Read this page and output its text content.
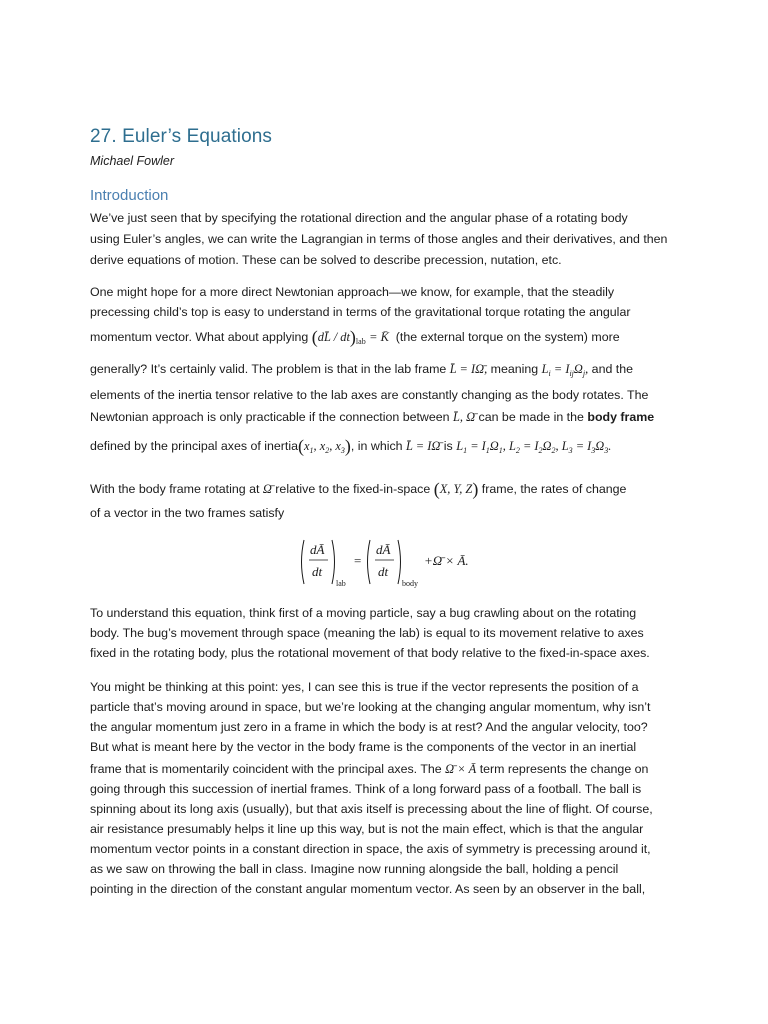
27. Euler’s Equations
Michael Fowler
Introduction
We’ve just seen that by specifying the rotational direction and the angular phase of a rotating body
using Euler’s angles, we can write the Lagrangian in terms of those angles and their derivatives, and then
derive equations of motion. These can be solved to describe precession, nutation, etc.
One might hope for a more direct Newtonian approach—we know, for example, that the steadily
precessing child’s top is easy to understand in terms of the gravitational torque rotating the angular
momentum vector. What about applying (dL̄ / $dt)_{lab}$ = K̄ (the external torque on the system) more
generally? It’s certainly valid. The problem is that in the lab frame L̄ = IΩ̄, meaning $L_i = I_{ij}\Omega_j$, and the
elements of the inertia tensor relative to the lab axes are constantly changing as the body rotates. The
Newtonian approach is only practicable if the connection between L̄, Ω̄ can be made in the body frame
defined by the principal axes of $inertia(x_1$, $x_2$, $x_3$), in which L̄ = IΩ̄ is $L_1 = I_1\Omega_1$, $L_2 = I_2\Omega_2$, $L_3 = I_3\Omega_3$.
With the body frame rotating at Ω̄ relative to the fixed-in-space (X, Y, Z) frame, the rates of change
of a vector in the two frames satisfy
dĀ
dt
lab
=
dĀ
dt
body
+Ω̄ × Ā.
To understand this equation, think first of a moving particle, say a bug crawling about on the rotating
body. The bug’s movement through space (meaning the lab) is equal to its movement relative to axes
fixed in the rotating body, plus the rotational movement of that body relative to the fixed-in-space axes.
You might be thinking at this point: yes, I can see this is true if the vector represents the position of a
particle that’s moving around in space, but we’re looking at the changing angular momentum, why isn’t
the angular momentum just zero in a frame in which the body is at rest? And the angular velocity, too?
But what is meant here by the vector in the body frame is the components of the vector in an inertial
frame that is momentarily coincident with the principal axes. The Ω̄ × Ā term represents the change on
going through this succession of inertial frames. Think of a long forward pass of a football. The ball is
spinning about its long axis (usually), but that axis itself is precessing about the line of flight. Of course,
air resistance presumably helps it line up this way, but is not the main effect, which is that the angular
momentum vector points in a constant direction in space, the axis of symmetry is precessing around it,
as we saw on throwing the ball in class. Imagine now running alongside the ball, holding a pencil
pointing in the direction of the constant angular momentum vector. As seen by an observer in the ball,
